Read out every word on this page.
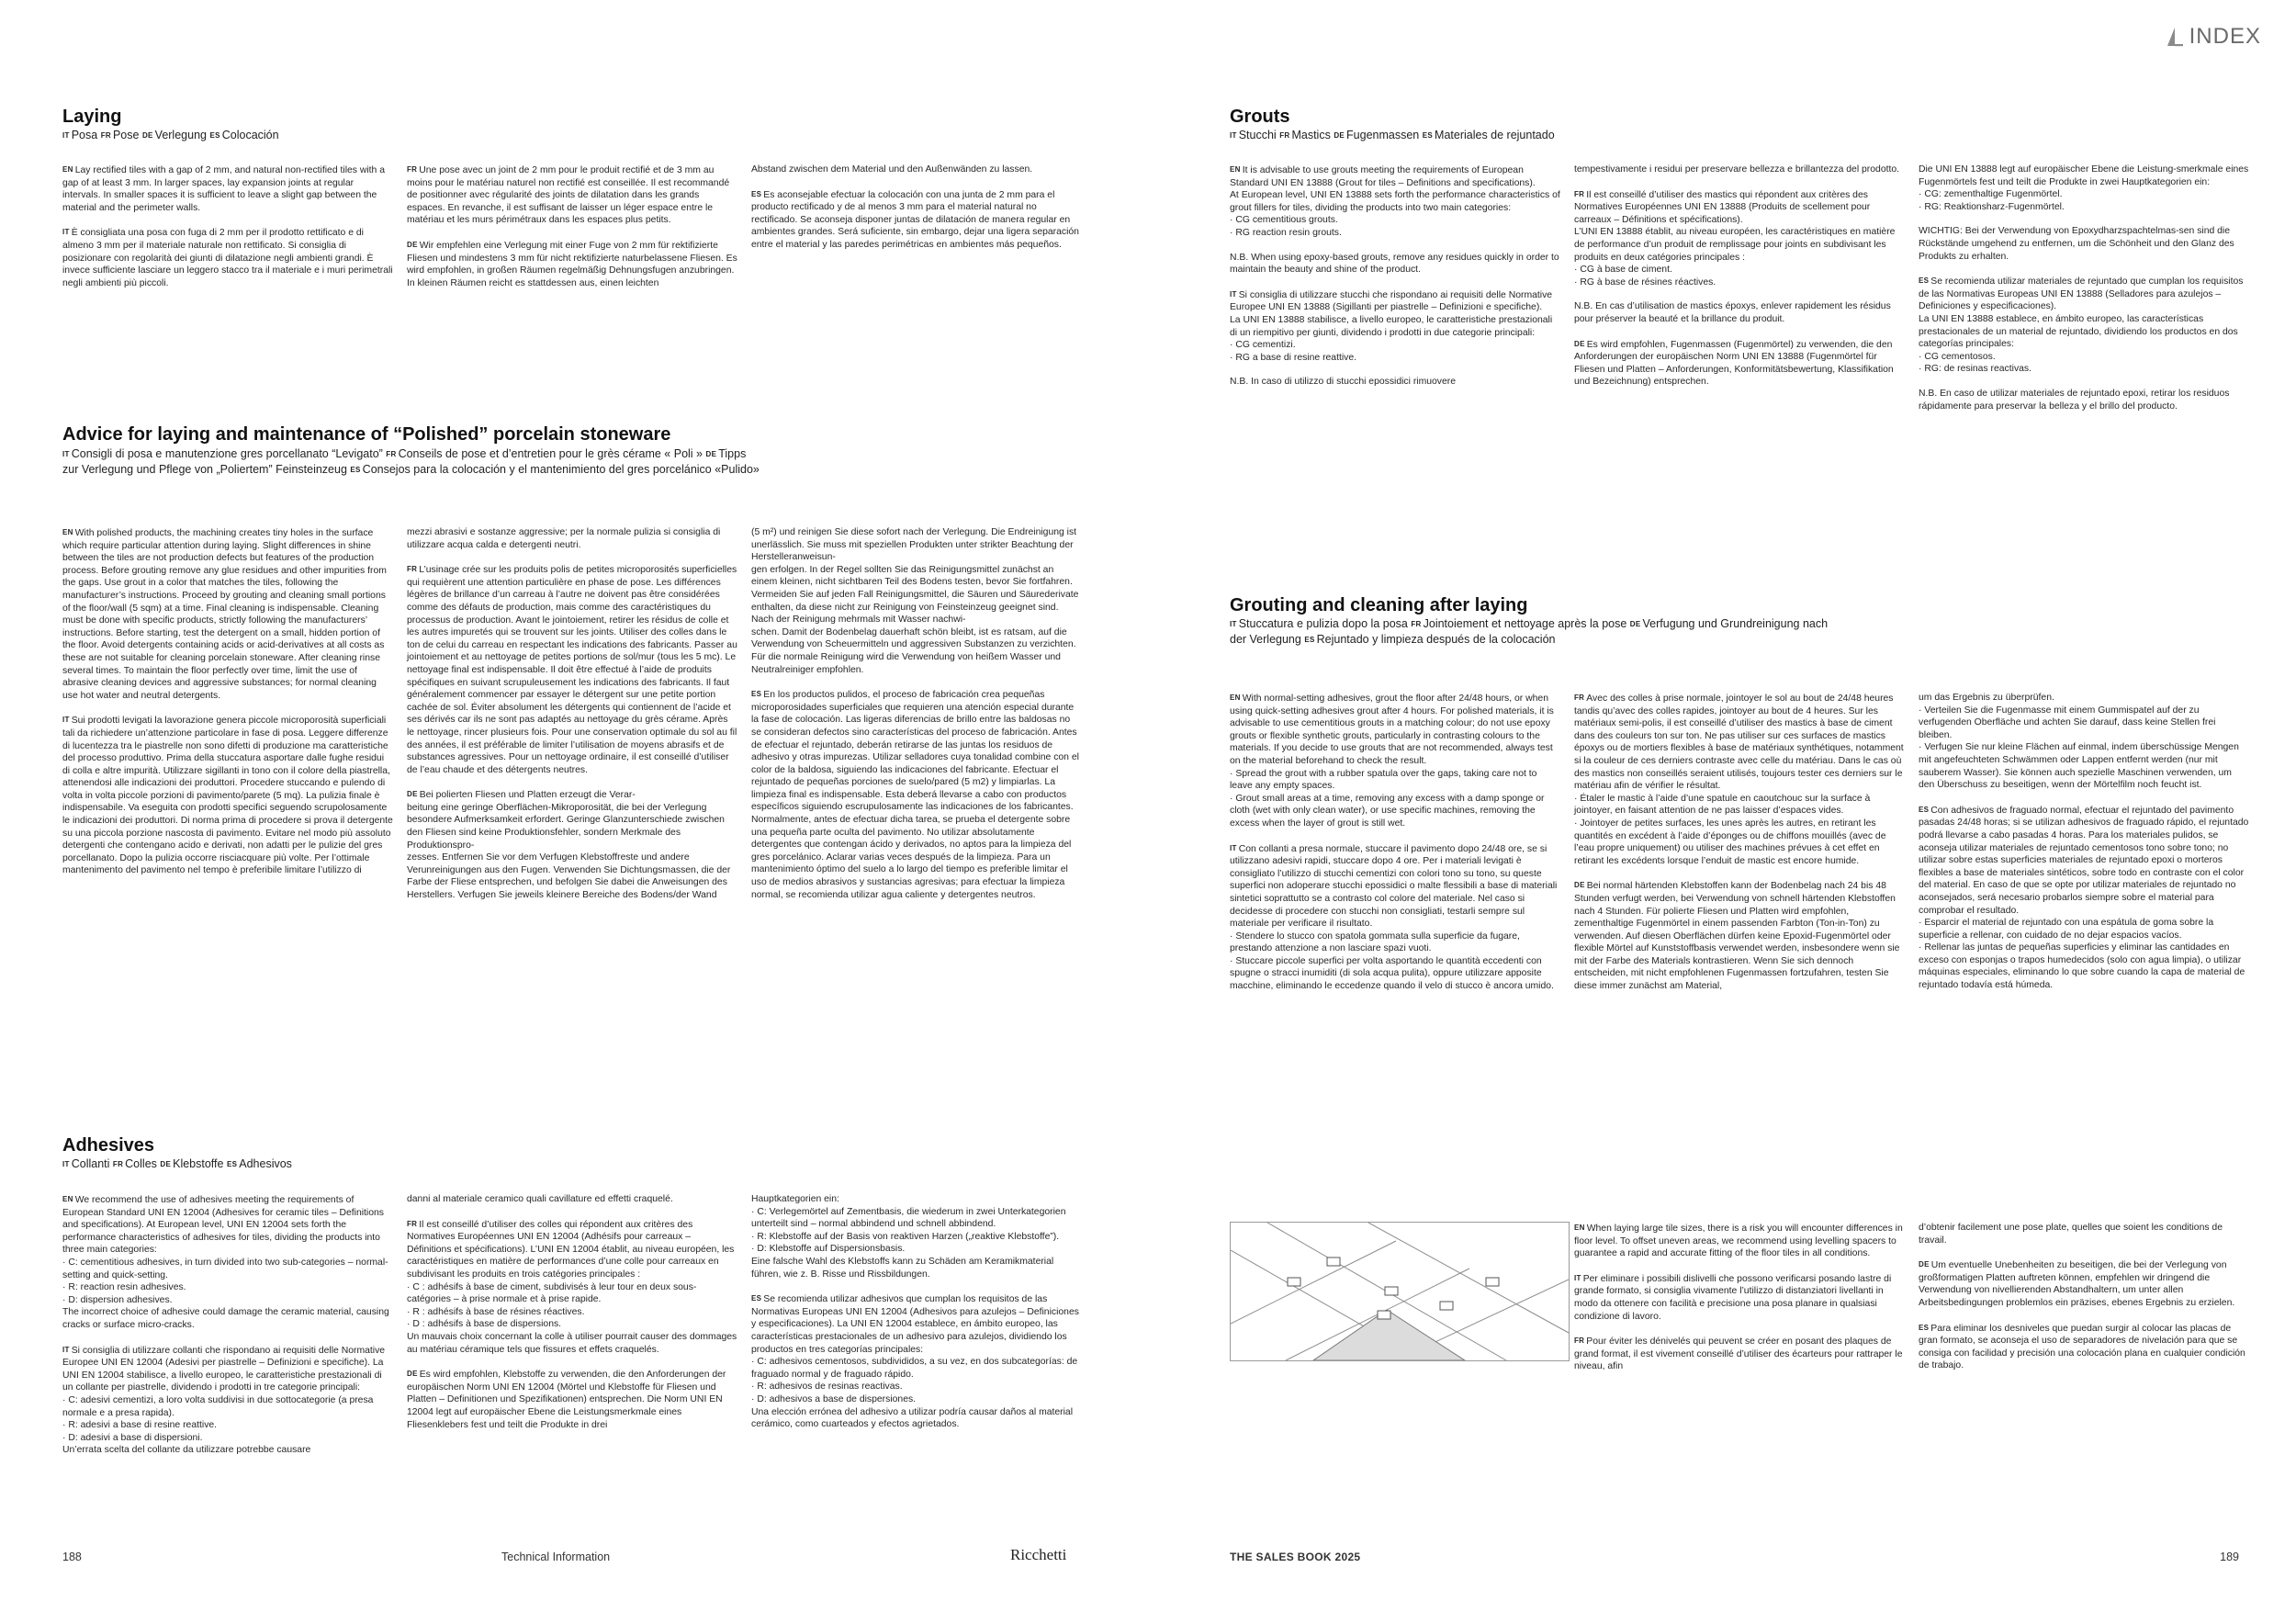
INDEX
Laying
IT Posa FR Pose DE Verlegung ES Colocación

EN Lay rectified tiles with a gap of 2 mm, and natural non-rectified tiles with a gap of at least 3 mm. In larger spaces, lay expansion joints at regular intervals. In smaller spaces it is sufficient to leave a slight gap between the material and the perimeter walls.

IT È consigliata una posa con fuga di 2 mm per il prodotto rettificato e di almeno 3 mm per il materiale naturale non rettificato. Si consiglia di posizionare con regolarità dei giunti di dilatazione negli ambienti grandi. È invece sufficiente lasciare un leggero stacco tra il materiale e i muri perimetrali negli ambienti più piccoli.

FR Une pose avec un joint de 2 mm pour le produit rectifié et de 3 mm au moins pour le matériau naturel non rectifié est conseillée. Il est recommandé de positionner avec régularité des joints de dilatation dans les grands espaces. En revanche, il est suffisant de laisser un léger espace entre le matériau et les murs périmétraux dans les espaces plus petits.

DE Wir empfehlen eine Verlegung mit einer Fuge von 2 mm für rektifizierte Fliesen und mindestens 3 mm für nicht rektifizierte naturbelassene Fliesen. Es wird empfohlen, in großen Räumen regelmäßig Dehnungsfugen anzubringen. In kleinen Räumen reicht es stattdessen aus, einen leichten

Abstand zwischen dem Material und den Außenwänden zu lassen.

ES Es aconsejable efectuar la colocación con una junta de 2 mm para el producto rectificado y de al menos 3 mm para el material natural no rectificado. Se aconseja disponer juntas de dilatación de manera regular en ambientes grandes. Será suficiente, sin embargo, dejar una ligera separación entre el material y las paredes perimétricas en ambientes más pequeños.

Advice for laying and maintenance of “Polished” porcelain stoneware
IT Consigli di posa e manutenzione gres porcellanato “Levigato” FR Conseils de pose et d’entretien pour le grès cérame « Poli » DE Tipps zur Verlegung und Pflege von „Poliertem” Feinsteinzeug ES Consejos para la colocación y el mantenimiento del gres porcelánico «Pulido»

EN With polished products, the machining creates tiny holes in the surface which require particular attention during laying. Slight differences in shine between the tiles are not production defects but features of the production process. Before grouting remove any glue residues and other impurities from the gaps. Use grout in a color that matches the tiles, following the manufacturer’s instructions. Proceed by grouting and cleaning small portions of the floor/wall (5 sqm) at a time. Final cleaning is indispensable. Cleaning must be done with specific products, strictly following the manufacturers’ instructions. Before starting, test the detergent on a small, hidden portion of the floor. Avoid detergents containing acids or acid-derivatives at all costs as these are not suitable for cleaning porcelain stoneware. After cleaning rinse several times. To maintain the floor perfectly over time, limit the use of abrasive cleaning devices and aggressive substances; for normal cleaning use hot water and neutral detergents.

IT Sui prodotti levigati la lavorazione genera piccole microporosità superficiali tali da richiedere un’attenzione particolare in fase di posa. Leggere differenze di lucentezza tra le piastrelle non sono difetti di produzione ma caratteristiche del processo produttivo. Prima della stuccatura asportare dalle fughe residui di colla e altre impurità. Utilizzare sigillanti in tono con il colore della piastrella, attenendosi alle indicazioni dei produttori. Procedere stuccando e pulendo di volta in volta piccole porzioni di pavimento/parete (5 mq). La pulizia finale è indispensabile. Va eseguita con prodotti specifici seguendo scrupolosamente le indicazioni dei produttori. Di norma prima di procedere si prova il detergente su una piccola porzione nascosta di pavimento. Evitare nel modo più assoluto detergenti che contengano acido e derivati, non adatti per le pulizie del gres porcellanato. Dopo la pulizia occorre risciacquare più volte. Per l’ottimale mantenimento del pavimento nel tempo è preferibile limitare l’utilizzo di

mezzi abrasivi e sostanze aggressive; per la normale pulizia si consiglia di utilizzare acqua calda e detergenti neutri.

FR L’usinage crée sur les produits polis de petites microporosités superficielles qui requièrent une attention particulière en phase de pose. Les différences légères de brillance d’un carreau à l’autre ne doivent pas être considérées comme des défauts de production, mais comme des caractéristiques du processus de production. Avant le jointoiement, retirer les résidus de colle et les autres impuretés qui se trouvent sur les joints. Utiliser des colles dans le ton de celui du carreau en respectant les indications des fabricants. Passer au jointoiement et au nettoyage de petites portions de sol/mur (tous les 5 mc). Le nettoyage final est indispensable. Il doit être effectué à l’aide de produits spécifiques en suivant scrupuleusement les indications des fabricants. Il faut généralement commencer par essayer le détergent sur une petite portion cachée de sol. Éviter absolument les détergents qui contiennent de l’acide et ses dérivés car ils ne sont pas adaptés au nettoyage du grès cérame. Après le nettoyage, rincer plusieurs fois. Pour une conservation optimale du sol au fil des années, il est préférable de limiter l’utilisation de moyens abrasifs et de substances agressives. Pour un nettoyage ordinaire, il est conseillé d’utiliser de l’eau chaude et des détergents neutres.

DE Bei polierten Fliesen und Platten erzeugt die Verar-
beitung eine geringe Oberflächen-Mikroporosität, die bei der Verlegung besondere Aufmerksamkeit erfordert. Geringe Glanzunterschiede zwischen den Fliesen sind keine Produktionsfehler, sondern Merkmale des Produktionspro-
zesses. Entfernen Sie vor dem Verfugen Klebstoffreste und andere Verunreinigungen aus den Fugen. Verwenden Sie Dichtungsmassen, die der Farbe der Fliese entsprechen, und befolgen Sie dabei die Anweisungen des Herstellers. Verfugen Sie jeweils kleinere Bereiche des Bodens/der Wand

(5 m²) und reinigen Sie diese sofort nach der Verlegung. Die Endreinigung ist unerlässlich. Sie muss mit speziellen Produkten unter strikter Beachtung der Herstelleranweisun-
gen erfolgen. In der Regel sollten Sie das Reinigungsmittel zunächst an einem kleinen, nicht sichtbaren Teil des Bodens testen, bevor Sie fortfahren. Vermeiden Sie auf jeden Fall Reinigungsmittel, die Säuren und Säurederivate enthalten, da diese nicht zur Reinigung von Feinsteinzeug geeignet sind. Nach der Reinigung mehrmals mit Wasser nachwi-
schen. Damit der Bodenbelag dauerhaft schön bleibt, ist es ratsam, auf die Verwendung von Scheuermitteln und aggressiven Substanzen zu verzichten. Für die normale Reinigung wird die Verwendung von heißem Wasser und Neutralreiniger empfohlen.

ES En los productos pulidos, el proceso de fabricación crea pequeñas microporosidades superficiales que requieren una atención especial durante la fase de colocación. Las ligeras diferencias de brillo entre las baldosas no se consideran defectos sino características del proceso de fabricación. Antes de efectuar el rejuntado, deberán retirarse de las juntas los residuos de adhesivo y otras impurezas. Utilizar selladores cuya tonalidad combine con el color de la baldosa, siguiendo las indicaciones del fabricante. Efectuar el rejuntado de pequeñas porciones de suelo/pared (5 m2) y limpiarlas. La limpieza final es indispensable. Esta deberá llevarse a cabo con productos específicos siguiendo escrupulosamente las indicaciones de los fabricantes. Normalmente, antes de efectuar dicha tarea, se prueba el detergente sobre una pequeña parte oculta del pavimento. No utilizar absolutamente detergentes que contengan ácido y derivados, no aptos para la limpieza del gres porcelánico. Aclarar varias veces después de la limpieza. Para un mantenimiento óptimo del suelo a lo largo del tiempo es preferible limitar el uso de medios abrasivos y sustancias agresivas; para efectuar la limpieza normal, se recomienda utilizar agua caliente y detergentes neutros.

Adhesives
IT Collanti FR Colles DE Klebstoffe ES Adhesivos

EN We recommend the use of adhesives meeting the requirements of European Standard UNI EN 12004 (Adhesives for ceramic tiles – Definitions and specifications). At European level, UNI EN 12004 sets forth the performance characteristics of adhesives for tiles, dividing the products into three main categories:
· C: cementitious adhesives, in turn divided into two sub-categories – normal-setting and quick-setting.
· R: reaction resin adhesives.
· D: dispersion adhesives.
The incorrect choice of adhesive could damage the ceramic material, causing cracks or surface micro-cracks.

IT Si consiglia di utilizzare collanti che rispondano ai requisiti delle Normative Europee UNI EN 12004 (Adesivi per piastrelle – Definizioni e specifiche). La UNI EN 12004 stabilisce, a livello europeo, le caratteristiche prestazionali di un collante per piastrelle, dividendo i prodotti in tre categorie principali:
· C: adesivi cementizi, a loro volta suddivisi in due sottocategorie (a presa normale e a presa rapida).
· R: adesivi a base di resine reattive.
· D: adesivi a base di dispersioni.
Un’errata scelta del collante da utilizzare potrebbe causare

danni al materiale ceramico quali cavillature ed effetti craquelé.

FR Il est conseillé d’utiliser des colles qui répondent aux critères des Normatives Européennes UNI EN 12004 (Adhésifs pour carreaux – Définitions et spécifications). L’UNI EN 12004 établit, au niveau européen, les caractéristiques en matière de performances d’une colle pour carreaux en subdivisant les produits en trois catégories principales :
· C : adhésifs à base de ciment, subdivisés à leur tour en deux sous-catégories – à prise normale et à prise rapide.
· R : adhésifs à base de résines réactives.
· D : adhésifs à base de dispersions.
Un mauvais choix concernant la colle à utiliser pourrait causer des dommages au matériau céramique tels que fissures et effets craquelés.

DE Es wird empfohlen, Klebstoffe zu verwenden, die den Anforderungen der europäischen Norm UNI EN 12004 (Mörtel und Klebstoffe für Fliesen und Platten – Definitionen und Spezifikationen) entsprechen. Die Norm UNI EN 12004 legt auf europäischer Ebene die Leistungsmerkmale eines Fliesenklebers fest und teilt die Produkte in drei

Hauptkategorien ein:
· C: Verlegemörtel auf Zementbasis, die wiederum in zwei Unterkategorien unterteilt sind – normal abbindend und schnell abbindend.
· R: Klebstoffe auf der Basis von reaktiven Harzen („reaktive Klebstoffe”).
· D: Klebstoffe auf Dispersionsbasis.
Eine falsche Wahl des Klebstoffs kann zu Schäden am Keramikmaterial führen, wie z. B. Risse und Rissbildungen.

ES Se recomienda utilizar adhesivos que cumplan los requisitos de las Normativas Europeas UNI EN 12004 (Adhesivos para azulejos – Definiciones y especificaciones). La UNI EN 12004 establece, en ámbito europeo, las características prestacionales de un adhesivo para azulejos, dividiendo los productos en tres categorías principales:
· C: adhesivos cementosos, subdivididos, a su vez, en dos subcategorías: de fraguado normal y de fraguado rápido.
· R: adhesivos de resinas reactivas.
· D: adhesivos a base de dispersiones.
Una elección errónea del adhesivo a utilizar podría causar daños al material cerámico, como cuarteados y efectos agrietados.

188	Technical Information	Ricchetti
Grouts
IT Stucchi FR Mastics DE Fugenmassen ES Materiales de rejuntado

EN It is advisable to use grouts meeting the requirements of European Standard UNI EN 13888 (Grout for tiles – Definitions and specifications).
At European level, UNI EN 13888 sets forth the performance characteristics of grout fillers for tiles, dividing the products into two main categories:
· CG cementitious grouts.
· RG reaction resin grouts.

N.B. When using epoxy-based grouts, remove any residues quickly in order to maintain the beauty and shine of the product.

IT Si consiglia di utilizzare stucchi che rispondano ai requisiti delle Normative Europee UNI EN 13888 (Sigillanti per piastrelle – Definizioni e specifiche).
La UNI EN 13888 stabilisce, a livello europeo, le caratteristiche prestazionali di un riempitivo per giunti, dividendo i prodotti in due categorie principali:
· CG cementizi.
· RG a base di resine reattive.

N.B. In caso di utilizzo di stucchi epossidici rimuovere

tempestivamente i residui per preservare bellezza e brillantezza del prodotto.

FR Il est conseillé d’utiliser des mastics qui répondent aux critères des Normatives Européennes UNI EN 13888 (Produits de scellement pour carreaux – Définitions et spécifications).
L’UNI EN 13888 établit, au niveau européen, les caractéristiques en matière de performance d’un produit de remplissage pour joints en subdivisant les produits en deux catégories principales :
· CG à base de ciment.
· RG à base de résines réactives.

N.B. En cas d’utilisation de mastics époxys, enlever rapidement les résidus pour préserver la beauté et la brillance du produit.

DE Es wird empfohlen, Fugenmassen (Fugenmörtel) zu verwenden, die den Anforderungen der europäischen Norm UNI EN 13888 (Fugenmörtel für Fliesen und Platten – Anforderungen, Konformitätsbewertung, Klassifikation und Bezeichnung) entsprechen.

Die UNI EN 13888 legt auf europäischer Ebene die Leistung-smerkmale eines Fugenmörtels fest und teilt die Produkte in zwei Hauptkategorien ein:
· CG: zementhaltige Fugenmörtel.
· RG: Reaktionsharz-Fugenmörtel.

WICHTIG: Bei der Verwendung von Epoxydharzspachtelmas-sen sind die Rückstände umgehend zu entfernen, um die Schönheit und den Glanz des Produkts zu erhalten.

ES Se recomienda utilizar materiales de rejuntado que cumplan los requisitos de las Normativas Europeas UNI EN 13888 (Selladores para azulejos – Definiciones y especificaciones).
La UNI EN 13888 establece, en ámbito europeo, las características prestacionales de un material de rejuntado, dividiendo los productos en dos categorías principales:
· CG cementosos.
· RG: de resinas reactivas.

N.B. En caso de utilizar materiales de rejuntado epoxi, retirar los residuos rápidamente para preservar la belleza y el brillo del producto.

Grouting and cleaning after laying
IT Stuccatura e pulizia dopo la posa FR Jointoiement et nettoyage après la pose DE Verfugung und Grundreinigung nach der Verlegung ES Rejuntado y limpieza después de la colocación

EN With normal-setting adhesives, grout the floor after 24/48 hours, or when using quick-setting adhesives grout after 4 hours. For polished materials, it is advisable to use cementitious grouts in a matching colour; do not use epoxy grouts or flexible synthetic grouts, particularly in contrasting colours to the materials. If you decide to use grouts that are not recommended, always test on the material beforehand to check the result.
· Spread the grout with a rubber spatula over the gaps, taking care not to leave any empty spaces.
· Grout small areas at a time, removing any excess with a damp sponge or cloth (wet with only clean water), or use specific machines, removing the excess when the layer of grout is still wet.

IT Con collanti a presa normale, stuccare il pavimento dopo 24/48 ore, se si utilizzano adesivi rapidi, stuccare dopo 4 ore. Per i materiali levigati è consigliato l’utilizzo di stucchi cementizi con colori tono su tono, su queste superfici non adoperare stucchi epossidici o malte flessibili a base di materiali sintetici soprattutto se a contrasto col colore del materiale. Nel caso si decidesse di procedere con stucchi non consigliati, testarli sempre sul materiale per verificare il risultato.
· Stendere lo stucco con spatola gommata sulla superficie da fugare, prestando attenzione a non lasciare spazi vuoti.
· Stuccare piccole superfici per volta asportando le quantità eccedenti con spugne o stracci inumiditi (di sola acqua pulita), oppure utilizzare apposite macchine, eliminando le eccedenze quando il velo di stucco è ancora umido.

FR Avec des colles à prise normale, jointoyer le sol au bout de 24/48 heures tandis qu’avec des colles rapides, jointoyer au bout de 4 heures. Sur les matériaux semi-polis, il est conseillé d’utiliser des mastics à base de ciment dans des couleurs ton sur ton. Ne pas utiliser sur ces surfaces de mastics époxys ou de mortiers flexibles à base de matériaux synthétiques, notamment si la couleur de ces derniers contraste avec celle du matériau. Dans le cas où des mastics non conseillés seraient utilisés, toujours tester ces derniers sur le matériau afin de vérifier le résultat.
· Étaler le mastic à l’aide d’une spatule en caoutchouc sur la surface à jointoyer, en faisant attention de ne pas laisser d’espaces vides.
· Jointoyer de petites surfaces, les unes après les autres, en retirant les quantités en excédent à l’aide d’éponges ou de chiffons mouillés (avec de l’eau propre uniquement) ou utiliser des machines prévues à cet effet en retirant les excédents lorsque l’enduit de mastic est encore humide.

DE Bei normal härtenden Klebstoffen kann der Bodenbelag nach 24 bis 48 Stunden verfugt werden, bei Verwendung von schnell härtenden Klebstoffen nach 4 Stunden. Für polierte Fliesen und Platten wird empfohlen, zementhaltige Fugenmörtel in einem passenden Farbton (Ton-in-Ton) zu verwenden. Auf diesen Oberflächen dürfen keine Epoxid-Fugenmörtel oder flexible Mörtel auf Kunststoffbasis verwendet werden, insbesondere wenn sie mit der Farbe des Materials kontrastieren. Wenn Sie sich dennoch entscheiden, mit nicht empfohlenen Fugenmassen fortzufahren, testen Sie diese immer zunächst am Material,

um das Ergebnis zu überprüfen.
· Verteilen Sie die Fugenmasse mit einem Gummispatel auf der zu verfugenden Oberfläche und achten Sie darauf, dass keine Stellen frei bleiben.
· Verfugen Sie nur kleine Flächen auf einmal, indem überschüssige Mengen mit angefeuchteten Schwämmen oder Lappen entfernt werden (nur mit sauberem Wasser). Sie können auch spezielle Maschinen verwenden, um den Überschuss zu beseitigen, wenn der Mörtelfilm noch feucht ist.

ES Con adhesivos de fraguado normal, efectuar el rejuntado del pavimento pasadas 24/48 horas; si se utilizan adhesivos de fraguado rápido, el rejuntado podrá llevarse a cabo pasadas 4 horas. Para los materiales pulidos, se aconseja utilizar materiales de rejuntado cementosos tono sobre tono; no utilizar sobre estas superficies materiales de rejuntado epoxi o morteros flexibles a base de materiales sintéticos, sobre todo en contraste con el color del material. En caso de que se opte por utilizar materiales de rejuntado no aconsejados, será necesario probarlos siempre sobre el material para comprobar el resultado.
· Esparcir el material de rejuntado con una espátula de goma sobre la superficie a rellenar, con cuidado de no dejar espacios vacíos.
· Rellenar las juntas de pequeñas superficies y eliminar las cantidades en exceso con esponjas o trapos humedecidos (solo con agua limpia), o utilizar máquinas especiales, eliminando lo que sobre cuando la capa de material de rejuntado todavía está húmeda.

EN When laying large tile sizes, there is a risk you will encounter differences in floor level. To offset uneven areas, we recommend using levelling spacers to guarantee a rapid and accurate fitting of the floor tiles in all conditions.

IT Per eliminare i possibili dislivelli che possono verificarsi posando lastre di grande formato, si consiglia vivamente l’utilizzo di distanziatori livellanti in modo da ottenere con facilità e precisione una posa planare in qualsiasi condizione di lavoro.

FR Pour éviter les dénivelés qui peuvent se créer en posant des plaques de grand format, il est vivement conseillé d’utiliser des écarteurs pour rattraper le niveau, afin

d’obtenir facilement une pose plate, quelles que soient les conditions de travail.

DE Um eventuelle Unebenheiten zu beseitigen, die bei der Verlegung von großformatigen Platten auftreten können, empfehlen wir dringend die Verwendung von nivellierenden Abstandhaltern, um unter allen Arbeitsbedingungen problemlos ein präzises, ebenes Ergebnis zu erzielen.

ES Para eliminar los desniveles que puedan surgir al colocar las placas de gran formato, se aconseja el uso de separadores de nivelación para que se consiga con facilidad y precisión una colocación plana en cualquier condición de trabajo.

THE SALES BOOK 2025	189
